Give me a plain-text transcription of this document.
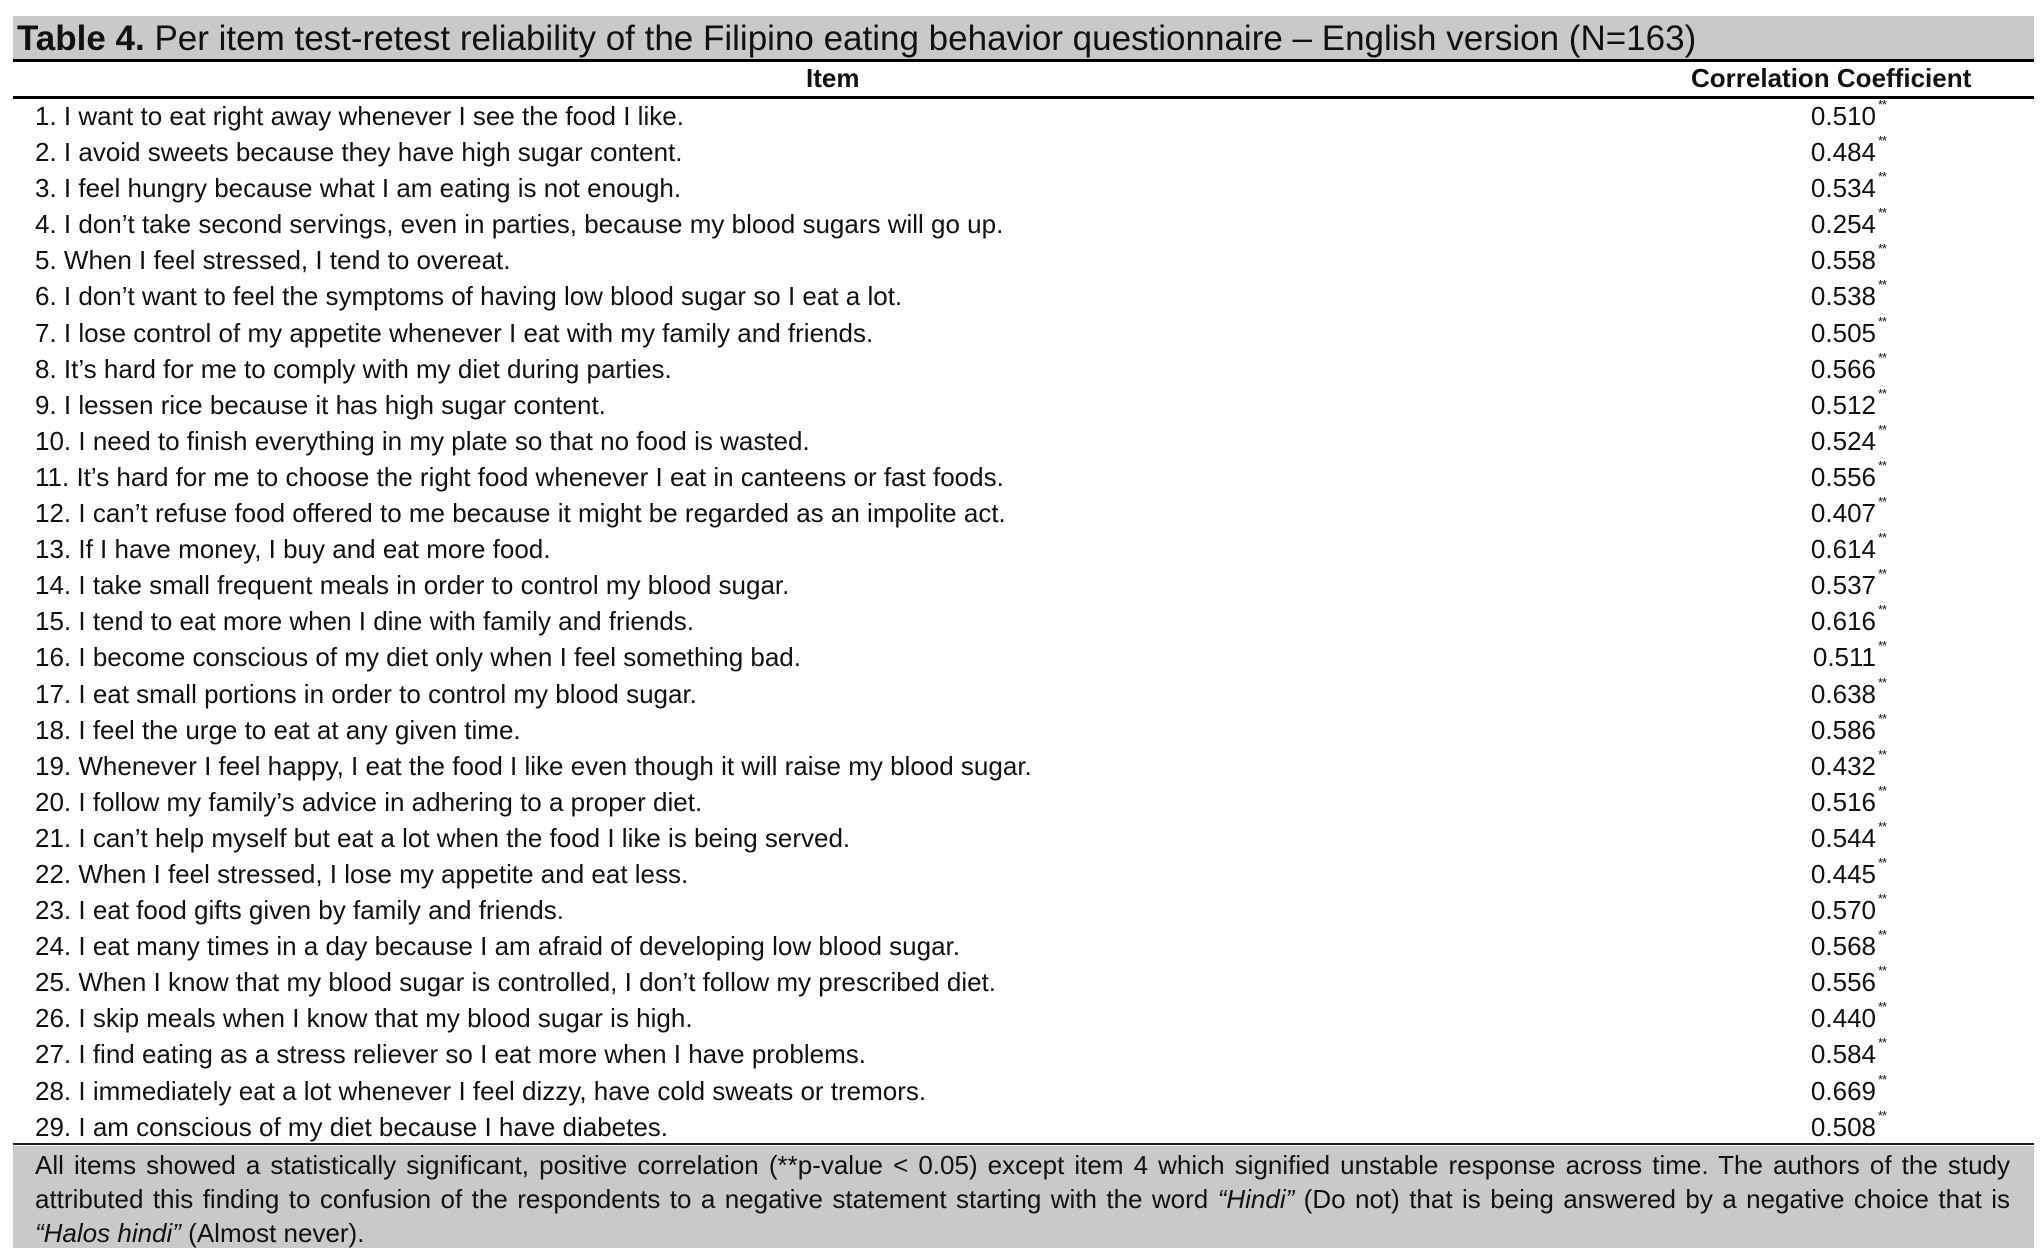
Table 4. Per item test-retest reliability of the Filipino eating behavior questionnaire – English version (N=163)
Item	Correlation Coefficient
1. I want to eat right away whenever I see the food I like.	0.510 **
2. I avoid sweets because they have high sugar content.	0.484 **
3. I feel hungry because what I am eating is not enough.	0.534 **
4. I don’t take second servings, even in parties, because my blood sugars will go up.	0.254 **
5. When I feel stressed, I tend to overeat.	0.558 **
6. I don’t want to feel the symptoms of having low blood sugar so I eat a lot.	0.538 **
7. I lose control of my appetite whenever I eat with my family and friends.	0.505 **
8. It’s hard for me to comply with my diet during parties.	0.566 **
9. I lessen rice because it has high sugar content.	0.512 **
10. I need to finish everything in my plate so that no food is wasted.	0.524 **
11. It’s hard for me to choose the right food whenever I eat in canteens or fast foods.	0.556 **
12. I can’t refuse food offered to me because it might be regarded as an impolite act.	0.407 **
13. If I have money, I buy and eat more food.	0.614 **
14. I take small frequent meals in order to control my blood sugar.	0.537 **
15. I tend to eat more when I dine with family and friends.	0.616 **
16. I become conscious of my diet only when I feel something bad.	0.511 **
17. I eat small portions in order to control my blood sugar.	0.638 **
18. I feel the urge to eat at any given time.	0.586 **
19. Whenever I feel happy, I eat the food I like even though it will raise my blood sugar.	0.432 **
20. I follow my family’s advice in adhering to a proper diet.	0.516 **
21. I can’t help myself but eat a lot when the food I like is being served.	0.544 **
22. When I feel stressed, I lose my appetite and eat less.	0.445 **
23. I eat food gifts given by family and friends.	0.570 **
24. I eat many times in a day because I am afraid of developing low blood sugar.	0.568 **
25. When I know that my blood sugar is controlled, I don’t follow my prescribed diet.	0.556 **
26. I skip meals when I know that my blood sugar is high.	0.440 **
27. I find eating as a stress reliever so I eat more when I have problems.	0.584 **
28. I immediately eat a lot whenever I feel dizzy, have cold sweats or tremors.	0.669 **
29. I am conscious of my diet because I have diabetes.	0.508 **
All items showed a statistically significant, positive correlation (**p-value < 0.05) except item 4 which signified unstable response across time. The authors of the study attributed this finding to confusion of the respondents to a negative statement starting with the word “Hindi” (Do not) that is being answered by a negative choice that is “Halos hindi” (Almost never).
